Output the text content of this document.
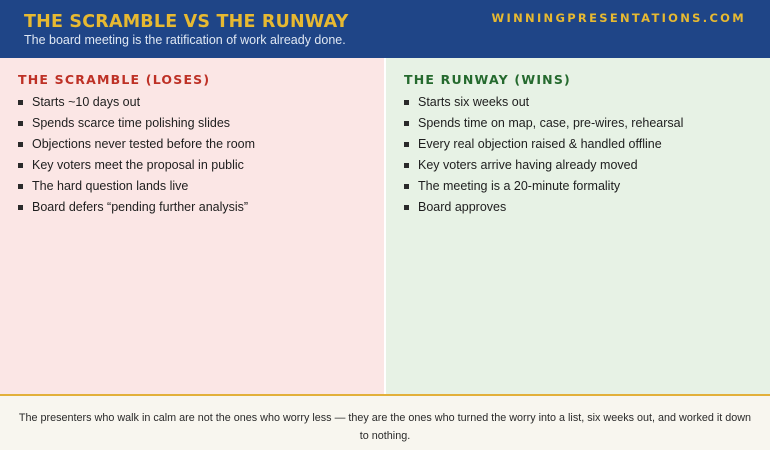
THE SCRAMBLE VS THE RUNWAY
The board meeting is the ratification of work already done.
WINNINGPRESENTATIONS.COM
THE SCRAMBLE (LOSES)
Starts ~10 days out
Spends scarce time polishing slides
Objections never tested before the room
Key voters meet the proposal in public
The hard question lands live
Board defers “pending further analysis”
THE RUNWAY (WINS)
Starts six weeks out
Spends time on map, case, pre-wires, rehearsal
Every real objection raised & handled offline
Key voters arrive having already moved
The meeting is a 20-minute formality
Board approves
The presenters who walk in calm are not the ones who worry less — they are the ones who turned the worry into a list, six weeks out, and worked it down to nothing.
